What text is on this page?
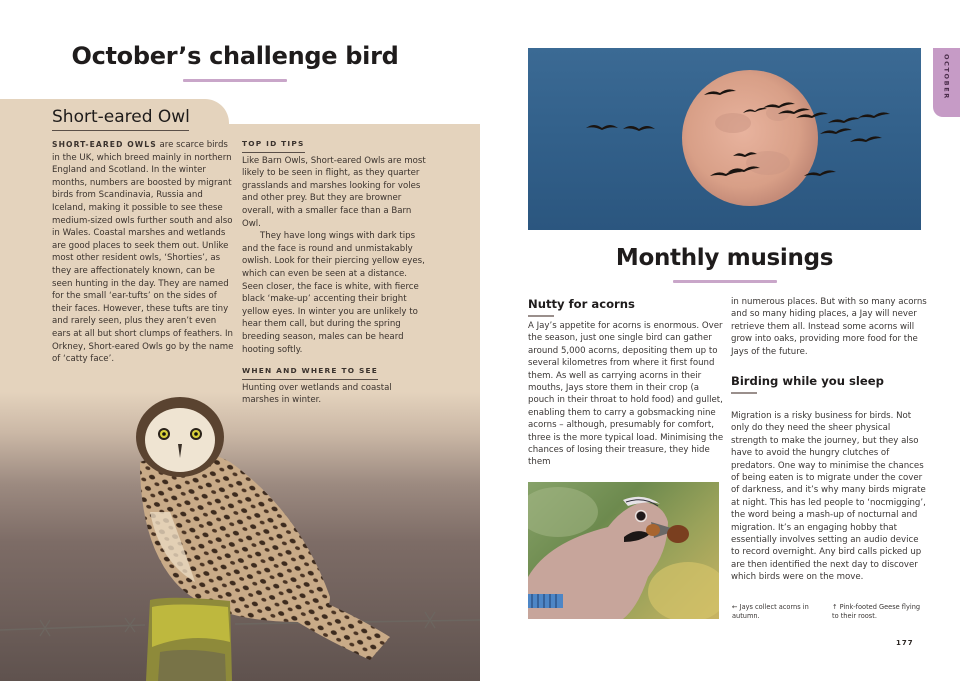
October’s challenge bird
Short-eared Owl
SHORT-EARED OWLS are scarce birds in the UK, which breed mainly in northern England and Scotland. In the winter months, numbers are boosted by migrant birds from Scandinavia, Russia and Iceland, making it possible to see these medium-sized owls further south and also in Wales. Coastal marshes and wetlands are good places to seek them out. Unlike most other resident owls, ‘Shorties’, as they are affectionately known, can be seen hunting in the day. They are named for the small ‘ear-tufts’ on the sides of their faces. However, these tufts are tiny and rarely seen, plus they aren’t even ears at all but short clumps of feathers. In Orkney, Short-eared Owls go by the name of ‘catty face’.
TOP ID TIPS

Like Barn Owls, Short-eared Owls are most likely to be seen in flight, as they quarter grasslands and marshes looking for voles and other prey. But they are browner overall, with a smaller face than a Barn Owl.

They have long wings with dark tips and the face is round and unmistakably owlish. Look for their piercing yellow eyes, which can even be seen at a distance. Seen closer, the face is white, with fierce black ‘make-up’ accenting their bright yellow eyes. In winter you are unlikely to hear them call, but during the spring breeding season, males can be heard hooting softly.

WHEN AND WHERE TO SEE

Hunting over wetlands and coastal marshes in winter.

OCTOBER
Monthly musings
Nutty for acorns
A Jay’s appetite for acorns is enormous. Over the season, just one single bird can gather around 5,000 acorns, depositing them up to several kilometres from where it first found them. As well as carrying acorns in their mouths, Jays store them in their crop (a pouch in their throat to hold food) and gullet, enabling them to carry a gobsmacking nine acorns – although, presumably for comfort, three is the more typical load. Minimising the chances of losing their treasure, they hide them
in numerous places. But with so many acorns and so many hiding places, a Jay will never retrieve them all. Instead some acorns will grow into oaks, providing more food for the Jays of the future.
Birding while you sleep
Migration is a risky business for birds. Not only do they need the sheer physical strength to make the journey, but they also have to avoid the hungry clutches of predators. One way to minimise the chances of being eaten is to migrate under the cover of darkness, and it’s why many birds migrate at night. This has led people to ‘nocmigging’, the word being a mash-up of nocturnal and migration. It’s an engaging hobby that essentially involves setting an audio device to record overnight. Any bird calls picked up are then identified the next day to discover which birds were on the move.
← Jays collect acorns in autumn.
↑ Pink-footed Geese flying to their roost.
177
